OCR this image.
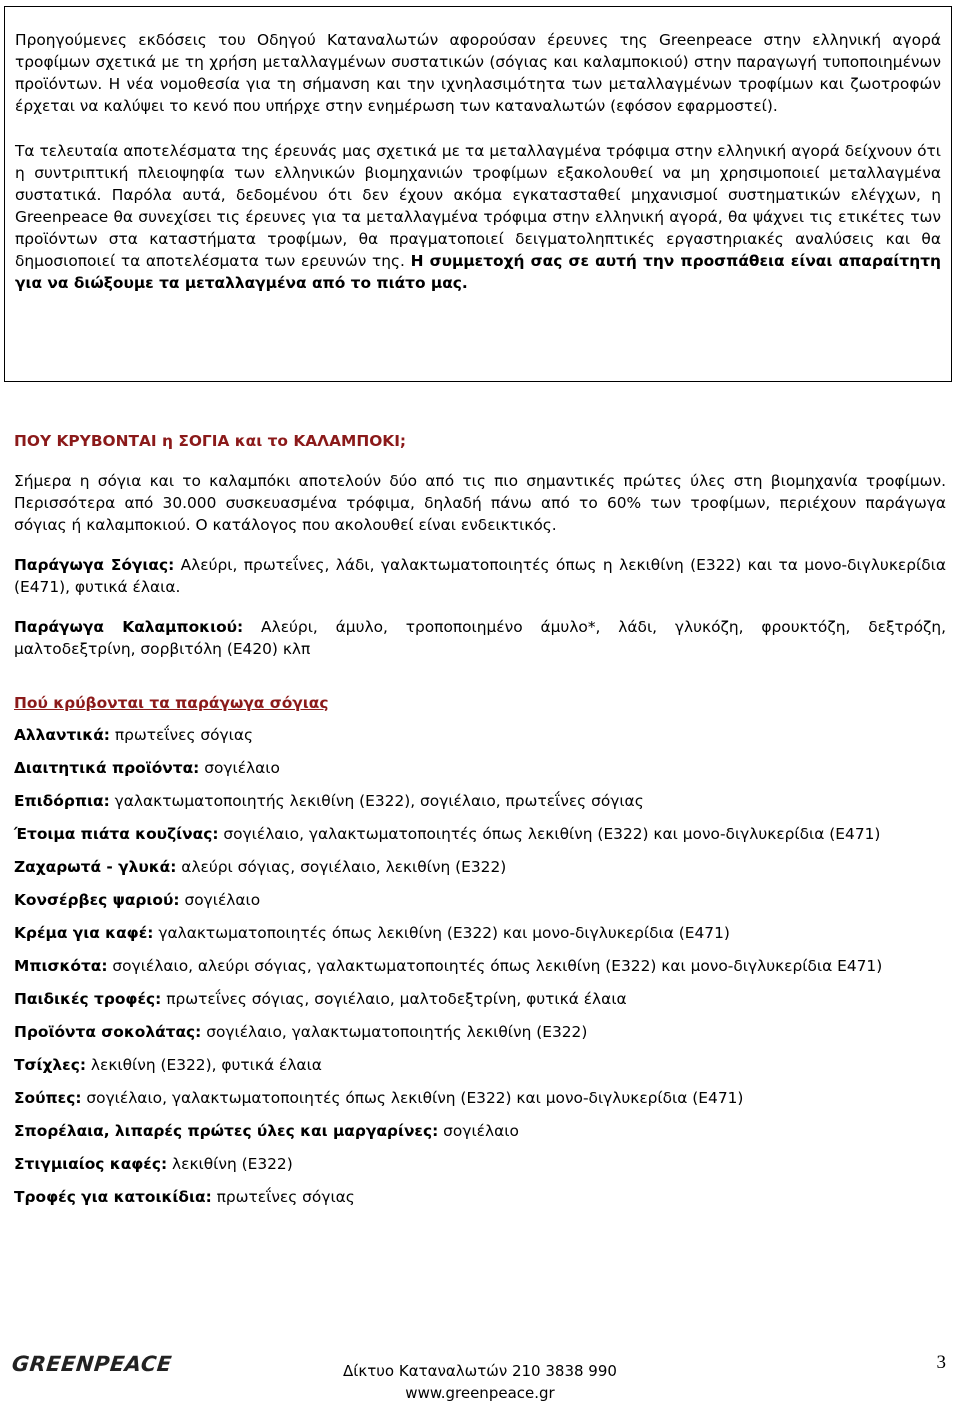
Προηγούμενες εκδόσεις του Οδηγού Καταναλωτών αφορούσαν έρευνες της Greenpeace στην ελληνική αγορά τροφίμων σχετικά με τη χρήση μεταλλαγμένων συστατικών (σόγιας και καλαμποκιού) στην παραγωγή τυποποιημένων προϊόντων. Η νέα νομοθεσία για τη σήμανση και την ιχνηλασιμότητα των μεταλλαγμένων τροφίμων και ζωοτροφών έρχεται να καλύψει το κενό που υπήρχε στην ενημέρωση των καταναλωτών (εφόσον εφαρμοστεί).

Τα τελευταία αποτελέσματα της έρευνάς μας σχετικά με τα μεταλλαγμένα τρόφιμα στην ελληνική αγορά δείχνουν ότι η συντριπτική πλειοψηφία των ελληνικών βιομηχανιών τροφίμων εξακολουθεί να μη χρησιμοποιεί μεταλλαγμένα συστατικά. Παρόλα αυτά, δεδομένου ότι δεν έχουν ακόμα εγκατασταθεί μηχανισμοί συστηματικών ελέγχων, η Greenpeace θα συνεχίσει τις έρευνες για τα μεταλλαγμένα τρόφιμα στην ελληνική αγορά, θα ψάχνει τις ετικέτες των προϊόντων στα καταστήματα τροφίμων, θα πραγματοποιεί δειγματοληπτικές εργαστηριακές αναλύσεις και θα δημοσιοποιεί τα αποτελέσματα των ερευνών της. Η συμμετοχή σας σε αυτή την προσπάθεια είναι απαραίτητη για να διώξουμε τα μεταλλαγμένα από το πιάτο μας.

ΠΟΥ ΚΡΥΒΟΝΤΑΙ η ΣΟΓΙΑ και το ΚΑΛΑΜΠΟΚΙ;

Σήμερα η σόγια και το καλαμπόκι αποτελούν δύο από τις πιο σημαντικές πρώτες ύλες στη βιομηχανία τροφίμων. Περισσότερα από 30.000 συσκευασμένα τρόφιμα, δηλαδή πάνω από το 60% των τροφίμων, περιέχουν παράγωγα σόγιας ή καλαμποκιού. Ο κατάλογος που ακολουθεί είναι ενδεικτικός.

Παράγωγα Σόγιας: Αλεύρι, πρωτεΐνες, λάδι, γαλακτωματοποιητές όπως η λεκιθίνη (Ε322) και τα μονο-διγλυκερίδια (Ε471), φυτικά έλαια.

Παράγωγα Καλαμποκιού: Αλεύρι, άμυλο, τροποποιημένο άμυλο*, λάδι, γλυκόζη, φρουκτόζη, δεξτρόζη, μαλτοδεξτρίνη, σορβιτόλη (Ε420) κλπ

Πού κρύβονται τα παράγωγα σόγιας

Αλλαντικά: πρωτεΐνες σόγιας

Διαιτητικά προϊόντα: σογιέλαιο

Επιδόρπια: γαλακτωματοποιητής λεκιθίνη (Ε322), σογιέλαιο, πρωτεΐνες σόγιας

Έτοιμα πιάτα κουζίνας: σογιέλαιο, γαλακτωματοποιητές όπως λεκιθίνη (Ε322) και μονο-διγλυκερίδια (Ε471)

Ζαχαρωτά - γλυκά: αλεύρι σόγιας, σογιέλαιο, λεκιθίνη (Ε322)

Κονσέρβες ψαριού: σογιέλαιο

Κρέμα για καφέ: γαλακτωματοποιητές όπως λεκιθίνη (Ε322) και μονο-διγλυκερίδια (Ε471)

Μπισκότα: σογιέλαιο, αλεύρι σόγιας, γαλακτωματοποιητές όπως λεκιθίνη (Ε322) και μονο-διγλυκερίδια Ε471)

Παιδικές τροφές: πρωτεΐνες σόγιας, σογιέλαιο, μαλτοδεξτρίνη, φυτικά έλαια

Προϊόντα σοκολάτας: σογιέλαιο, γαλακτωματοποιητής λεκιθίνη (Ε322)

Τσίχλες: λεκιθίνη (Ε322), φυτικά έλαια

Σούπες: σογιέλαιο, γαλακτωματοποιητές όπως λεκιθίνη (Ε322) και μονο-διγλυκερίδια (Ε471)

Σπορέλαια, λιπαρές πρώτες ύλες και μαργαρίνες: σογιέλαιο

Στιγμιαίος καφές: λεκιθίνη (Ε322)

Τροφές για κατοικίδια: πρωτεΐνες σόγιας

GREENPEACE	Δίκτυο Καταναλωτών 210 3838 990
www.greenpeace.gr
3
